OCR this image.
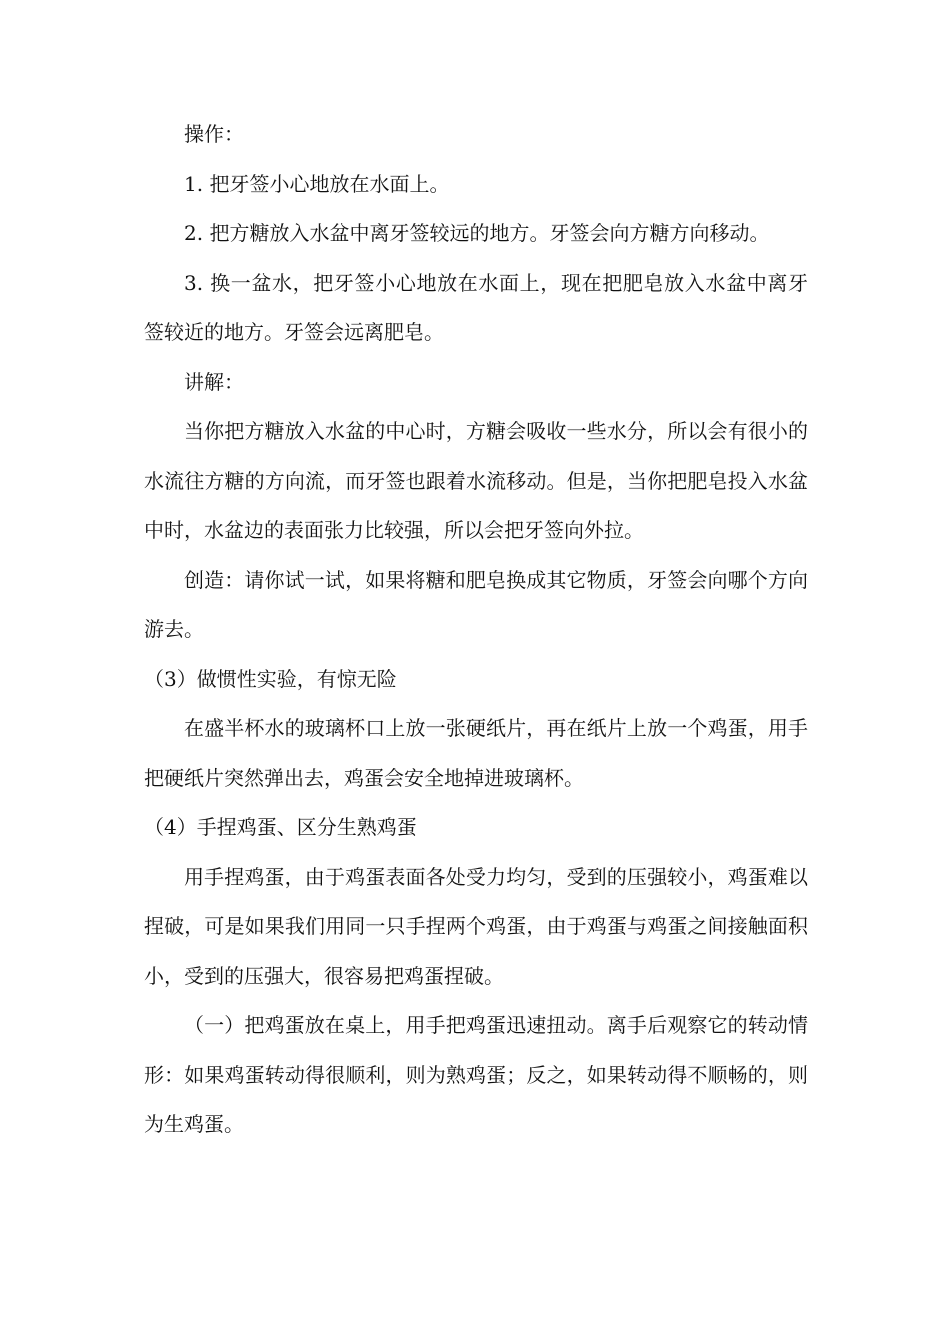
操作：

1. 把牙签小心地放在水面上。

2. 把方糖放入水盆中离牙签较远的地方。牙签会向方糖方向移动。

3. 换一盆水，把牙签小心地放在水面上，现在把肥皂放入水盆中离牙签较近的地方。牙签会远离肥皂。

讲解：

当你把方糖放入水盆的中心时，方糖会吸收一些水分，所以会有很小的水流往方糖的方向流，而牙签也跟着水流移动。但是，当你把肥皂投入水盆中时，水盆边的表面张力比较强，所以会把牙签向外拉。

创造：请你试一试，如果将糖和肥皂换成其它物质，牙签会向哪个方向游去。

（3）做惯性实验，有惊无险

在盛半杯水的玻璃杯口上放一张硬纸片，再在纸片上放一个鸡蛋，用手把硬纸片突然弹出去，鸡蛋会安全地掉进玻璃杯。

（4）手捏鸡蛋、区分生熟鸡蛋

用手捏鸡蛋，由于鸡蛋表面各处受力均匀，受到的压强较小，鸡蛋难以捏破，可是如果我们用同一只手捏两个鸡蛋，由于鸡蛋与鸡蛋之间接触面积小，受到的压强大，很容易把鸡蛋捏破。

（一）把鸡蛋放在桌上，用手把鸡蛋迅速扭动。离手后观察它的转动情形：如果鸡蛋转动得很顺利，则为熟鸡蛋；反之，如果转动得不顺畅的，则为生鸡蛋。
